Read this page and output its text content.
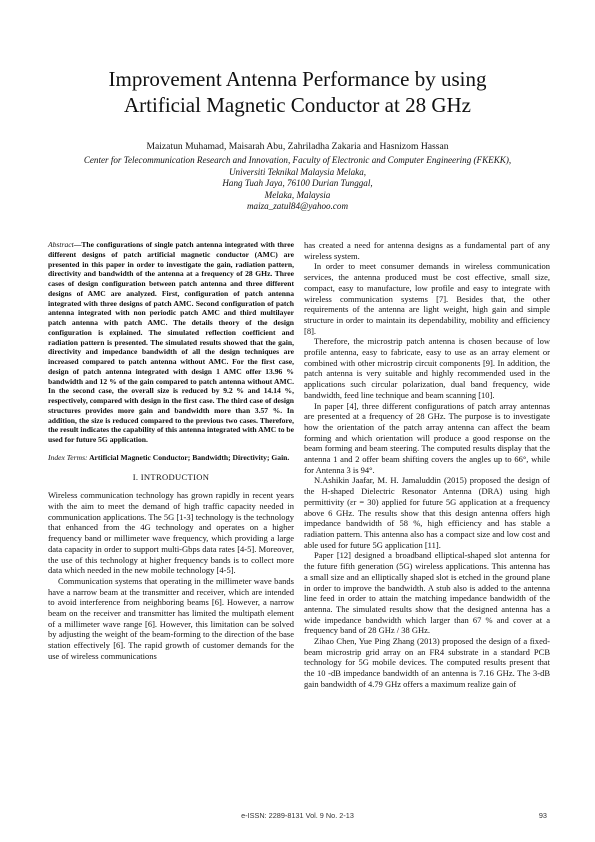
Improvement Antenna Performance by using
Artificial Magnetic Conductor at 28 GHz
Maizatun Muhamad, Maisarah Abu, Zahriladha Zakaria and Hasnizom Hassan
Center for Telecommunication Research and Innovation, Faculty of Electronic and Computer Engineering (FKEKK),
Universiti Teknikal Malaysia Melaka,
Hang Tuah Jaya, 76100 Durian Tunggal,
Melaka, Malaysia
maiza_zatul84@yahoo.com

Abstract—The configurations of single patch antenna integrated with three different designs of patch artificial magnetic conductor (AMC) are presented in this paper in order to investigate the gain, radiation pattern, directivity and bandwidth of the antenna at a frequency of 28 GHz. Three cases of design configuration between patch antenna and three different designs of AMC are analyzed. First, configuration of patch antenna integrated with three designs of patch AMC. Second configuration of patch antenna integrated with non periodic patch AMC and third multilayer patch antenna with patch AMC. The details theory of the design configuration is explained. The simulated reflection coefficient and radiation pattern is presented. The simulated results showed that the gain, directivity and impedance bandwidth of all the design techniques are increased compared to patch antenna without AMC. For the first case, design of patch antenna integrated with design 1 AMC offer 13.96 % bandwidth and 12 % of the gain compared to patch antenna without AMC. In the second case, the overall size is reduced by 9.2 % and 14.14 %, respectively, compared with design in the first case. The third case of design structures provides more gain and bandwidth more than 3.57 %. In addition, the size is reduced compared to the previous two cases. Therefore, the result indicates the capability of this antenna integrated with AMC to be used for future 5G application.

Index Terms: Artificial Magnetic Conductor; Bandwidth; Directivity; Gain.

I. INTRODUCTION

Wireless communication technology has grown rapidly in recent years with the aim to meet the demand of high traffic capacity needed in communication applications. The 5G [1-3] technology is the technology that enhanced from the 4G technology and operates on a higher frequency band or millimeter wave frequency, which providing a large data capacity in order to support multi-Gbps data rates [4-5]. Moreover, the use of this technology at higher frequency bands is to collect more data which needed in the new mobile technology [4-5].

Communication systems that operating in the millimeter wave bands have a narrow beam at the transmitter and receiver, which are intended to avoid interference from neighboring beams [6]. However, a narrow beam on the receiver and transmitter has limited the multipath element of a millimeter wave range [6]. However, this limitation can be solved by adjusting the weight of the beam-forming to the direction of the base station effectively [6]. The rapid growth of customer demands for the use of wireless communications

has created a need for antenna designs as a fundamental part of any wireless system.

In order to meet consumer demands in wireless communication services, the antenna produced must be cost effective, small size, compact, easy to manufacture, low profile and easy to integrate with wireless communication systems [7]. Besides that, the other requirements of the antenna are light weight, high gain and simple structure in order to maintain its dependability, mobility and efficiency [8].

Therefore, the microstrip patch antenna is chosen because of low profile antenna, easy to fabricate, easy to use as an array element or combined with other microstrip circuit components [9]. In addition, the patch antenna is very suitable and highly recommended used in the applications such circular polarization, dual band frequency, wide bandwidth, feed line technique and beam scanning [10].

In paper [4], three different configurations of patch array antennas are presented at a frequency of 28 GHz. The purpose is to investigate how the orientation of the patch array antenna can affect the beam forming and which orientation will produce a good response on the beam forming and beam steering. The computed results display that the antenna 1 and 2 offer beam shifting covers the angles up to 66°, while for Antenna 3 is 94°.

N.Ashikin Jaafar, M. H. Jamaluddin (2015) proposed the design of the H-shaped Dielectric Resonator Antenna (DRA) using high permittivity (εr = 30) applied for future 5G application at a frequency above 6 GHz. The results show that this design antenna offers high impedance bandwidth of 58 %, high efficiency and has stable a radiation pattern. This antenna also has a compact size and low cost and able used for future 5G application [11].

Paper [12] designed a broadband elliptical-shaped slot antenna for the future fifth generation (5G) wireless applications. This antenna has a small size and an elliptically shaped slot is etched in the ground plane in order to improve the bandwidth. A stub also is added to the antenna line feed in order to attain the matching impedance bandwidth of the antenna. The simulated results show that the designed antenna has a wide impedance bandwidth which larger than 67 % and cover at a frequency band of 28 GHz / 38 GHz.

Zihao Chen, Yue Ping Zhang (2013) proposed the design of a fixed-beam microstrip grid array on an FR4 substrate in a standard PCB technology for 5G mobile devices. The computed results present that the 10 -dB impedance bandwidth of an antenna is 7.16 GHz. The 3-dB gain bandwidth of 4.79 GHz offers a maximum realize gain of

e-ISSN: 2289-8131 Vol. 9 No. 2-13	93
